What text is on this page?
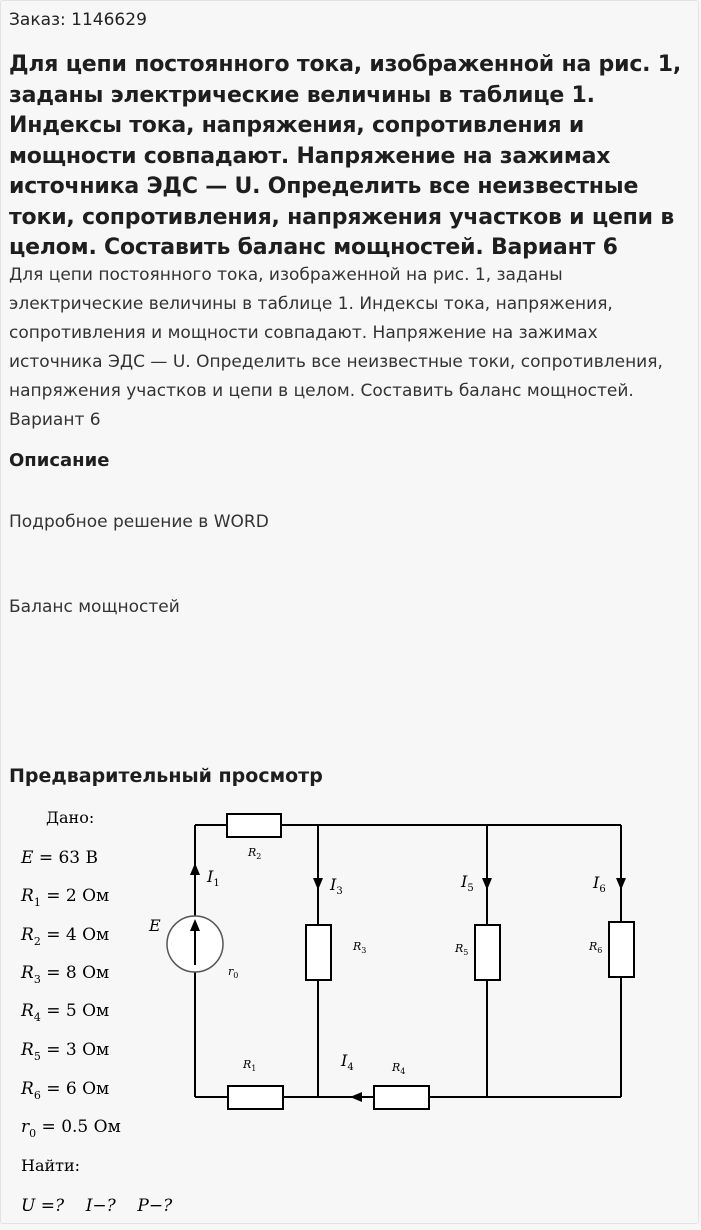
Заказ: 1146629
Для цепи постоянного тока, изображенной на рис. 1, заданы электрические величины в таблице 1. Индексы тока, напряжения, сопротивления и мощности совпадают. Напряжение на зажимах источника ЭДС — U. Определить все неизвестные токи, сопротивления, напряжения участков и цепи в целом. Составить баланс мощностей. Вариант 6
Для цепи постоянного тока, изображенной на рис. 1, заданы электрические величины в таблице 1. Индексы тока, напряжения, сопротивления и мощности совпадают. Напряжение на зажимах источника ЭДС — U. Определить все неизвестные токи, сопротивления, напряжения участков и цепи в целом. Составить баланс мощностей. Вариант 6
Описание
Подробное решение в WORD
Баланс мощностей
Предварительный просмотр
Дано:
E = 63 В
$R_1 = 2$ Ом
$R_2 = 4$ Ом
$R_3 = 8$ Ом
$R_4 = 5$ Ом
$R_5 = 3$ Ом
$R_6 = 6$ Ом
$r_0 = 0.5$ Ом
Найти:
U =?    I−?    P−?
E
$r_0$
$I_1$	$I_3$
$I_5$	$I_6$
$I_4$
$R_2$
$R_1$	$R_4$
$R_3$	$R_5$	$R_6$
